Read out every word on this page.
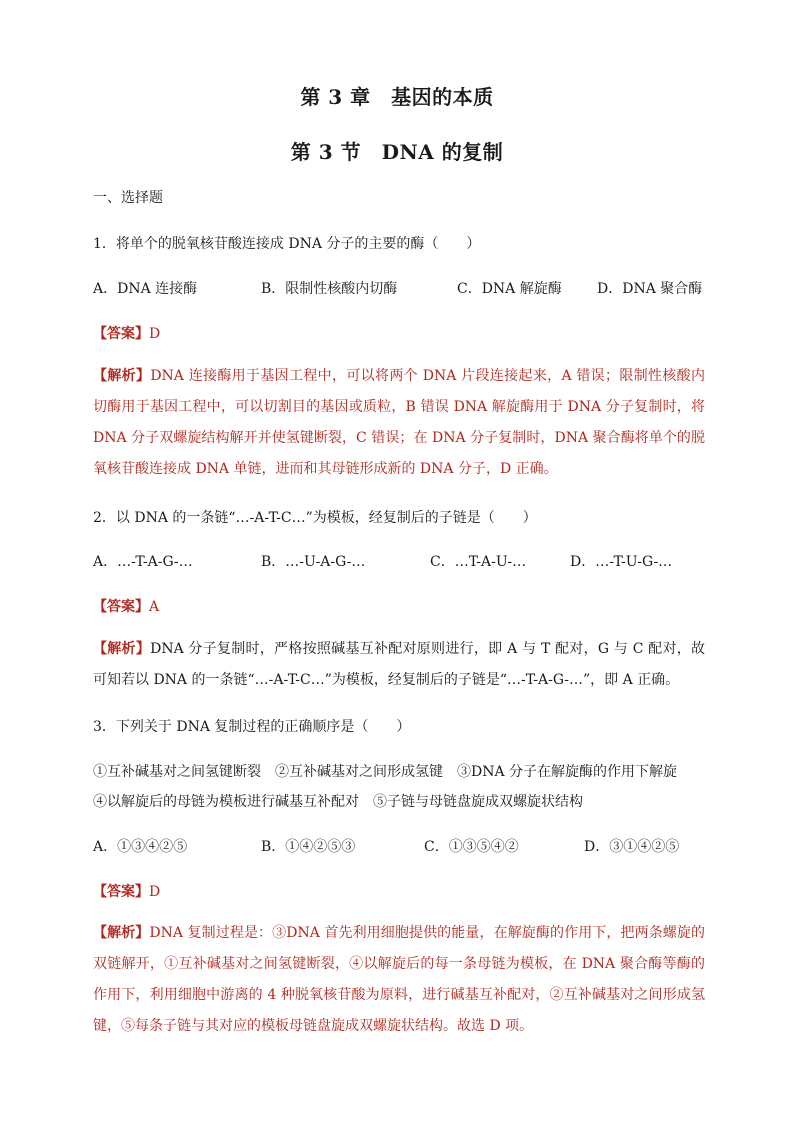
第 3 章　基因的本质
第 3 节　DNA 的复制
一、选择题
1．将单个的脱氧核苷酸连接成 DNA 分子的主要的酶（　　）
A．DNA 连接酶	B．限制性核酸内切酶	C．DNA 解旋酶	D．DNA 聚合酶
【答案】D
【解析】DNA 连接酶用于基因工程中，可以将两个 DNA 片段连接起来，A 错误；限制性核酸内切酶用于基因工程中，可以切割目的基因或质粒，B 错误 DNA 解旋酶用于 DNA 分子复制时，将 DNA 分子双螺旋结构解开并使氢键断裂，C 错误；在 DNA 分子复制时，DNA 聚合酶将单个的脱氧核苷酸连接成 DNA 单链，进而和其母链形成新的 DNA 分子，D 正确。
2．以 DNA 的一条链“…-A-T-C…”为模板，经复制后的子链是（　　）
A．…-T-A-G-…	B．…-U-A-G-…	C．…T-A-U-…	D．…-T-U-G-…
【答案】A
【解析】DNA 分子复制时，严格按照碱基互补配对原则进行，即 A 与 T 配对，G 与 C 配对，故可知若以 DNA 的一条链“…-A-T-C…”为模板，经复制后的子链是“…-T-A-G-…”，即 A 正确。
3．下列关于 DNA 复制过程的正确顺序是（　　）
①互补碱基对之间氢键断裂　②互补碱基对之间形成氢键　③DNA 分子在解旋酶的作用下解旋
④以解旋后的母链为模板进行碱基互补配对　⑤子链与母链盘旋成双螺旋状结构
A．①③④②⑤	B．①④②⑤③	C．①③⑤④②	D．③①④②⑤
【答案】D
【解析】DNA 复制过程是：③DNA 首先利用细胞提供的能量，在解旋酶的作用下，把两条螺旋的双链解开，①互补碱基对之间氢键断裂，④以解旋后的每一条母链为模板，在 DNA 聚合酶等酶的作用下，利用细胞中游离的 4 种脱氧核苷酸为原料，进行碱基互补配对，②互补碱基对之间形成氢键，⑤每条子链与其对应的模板母链盘旋成双螺旋状结构。故选 D 项。
